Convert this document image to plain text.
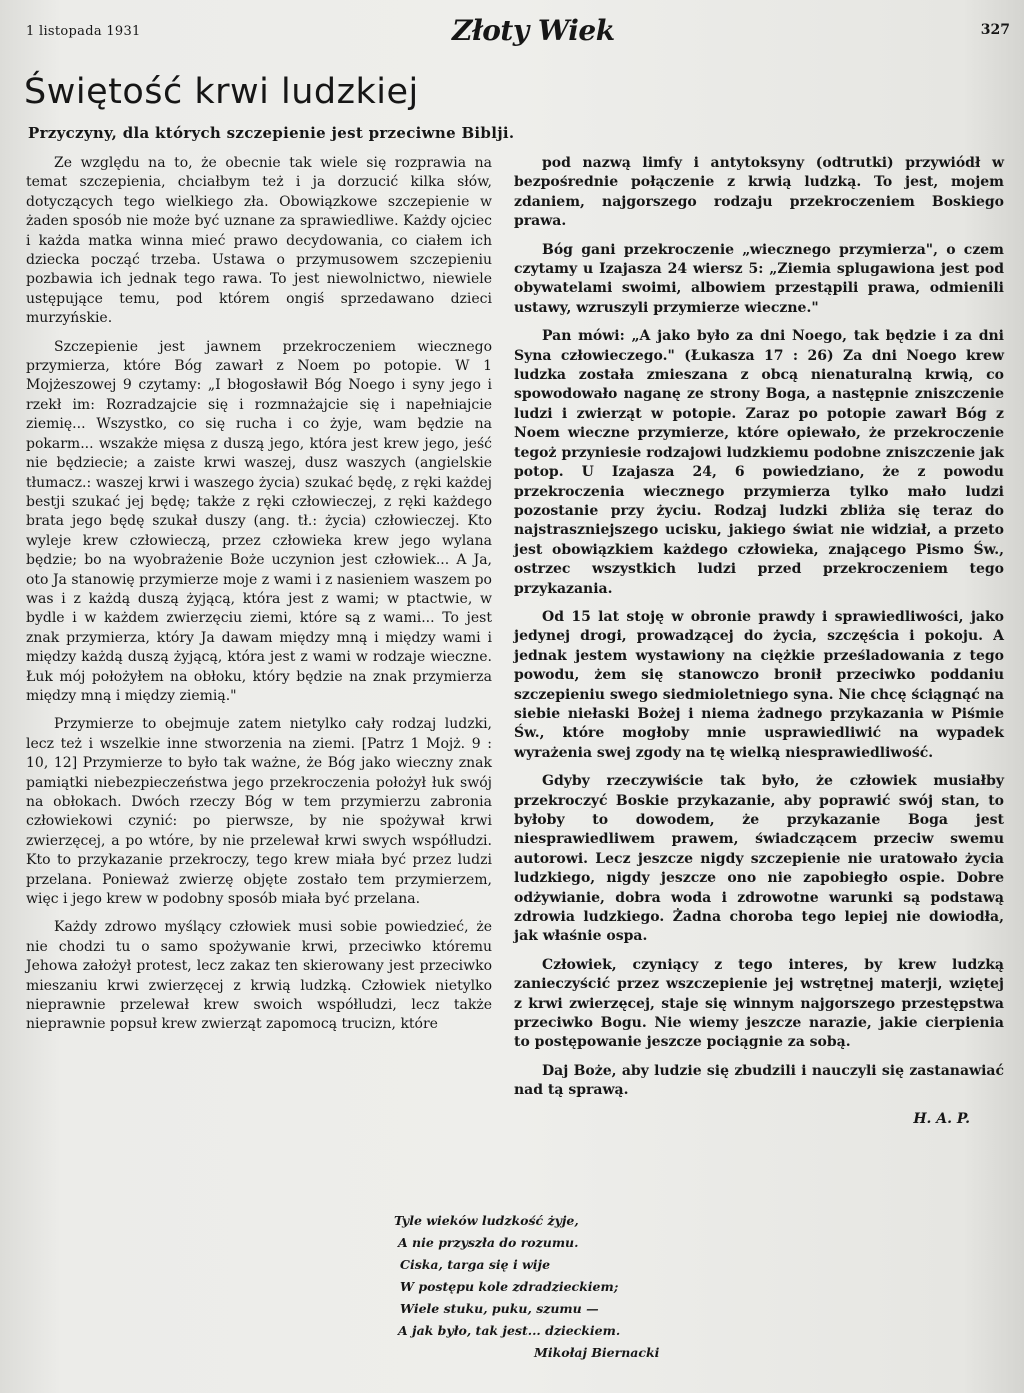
1 listopada 1931	Złoty Wiek	327
Świętość krwi ludzkiej
Przyczyny, dla których szczepienie jest przeciwne Biblji.

Ze względu na to, że obecnie tak wiele się rozprawia na temat szczepienia, chciałbym też i ja dorzucić kilka słów, dotyczących tego wielkiego zła. Obowiązkowe szczepienie w żaden sposób nie może być uznane za sprawiedliwe. Każdy ojciec i każda matka winna mieć prawo decydowania, co ciałem ich dziecka począć trzeba. Ustawa o przymusowem szczepieniu pozbawia ich jednak tego rawa. To jest niewolnictwo, niewiele ustępujące temu, pod którem ongiś sprzedawano dzieci murzyńskie.

Szczepienie jest jawnem przekroczeniem wiecznego przymierza, które Bóg zawarł z Noem po potopie. W 1 Mojżeszowej 9 czytamy: „I błogosławił Bóg Noego i syny jego i rzekł im: Rozradzajcie się i rozmnażajcie się i napełniajcie ziemię... Wszystko, co się rucha i co żyje, wam będzie na pokarm... wszakże mięsa z duszą jego, która jest krew jego, jeść nie będziecie; a zaiste krwi waszej, dusz waszych (angielskie tłumacz.: waszej krwi i waszego życia) szukać będę, z ręki każdej bestji szukać jej będę; także z ręki człowieczej, z ręki każdego brata jego będę szukał duszy (ang. tł.: życia) człowieczej. Kto wyleje krew człowieczą, przez człowieka krew jego wylana będzie; bo na wyobrażenie Boże uczynion jest człowiek... A Ja, oto Ja stanowię przymierze moje z wami i z nasieniem waszem po was i z każdą duszą żyjącą, która jest z wami; w ptactwie, w bydle i w każdem zwierzęciu ziemi, które są z wami... To jest znak przymierza, który Ja dawam między mną i między wami i między każdą duszą żyjącą, która jest z wami w rodzaje wieczne. Łuk mój położyłem na obłoku, który będzie na znak przymierza między mną i między ziemią."

Przymierze to obejmuje zatem nietylko cały rodzaj ludzki, lecz też i wszelkie inne stworzenia na ziemi. [Patrz 1 Mojż. 9 : 10, 12] Przymierze to było tak ważne, że Bóg jako wieczny znak pamiątki niebezpieczeństwa jego przekroczenia położył łuk swój na obłokach. Dwóch rzeczy Bóg w tem przymierzu zabronia człowiekowi czynić: po pierwsze, by nie spożywał krwi zwierzęcej, a po wtóre, by nie przelewał krwi swych współludzi. Kto to przykazanie przekroczy, tego krew miała być przez ludzi przelana. Ponieważ zwierzę objęte zostało tem przymierzem, więc i jego krew w podobny sposób miała być przelana.

Każdy zdrowo myślący człowiek musi sobie powiedzieć, że nie chodzi tu o samo spożywanie krwi, przeciwko któremu Jehowa założył protest, lecz zakaz ten skierowany jest przeciwko mieszaniu krwi zwierzęcej z krwią ludzką. Człowiek nietylko nieprawnie przelewał krew swoich współludzi, lecz także nieprawnie popsuł krew zwierząt zapomocą trucizn, które

pod nazwą limfy i antytoksyny (odtrutki) przywiódł w bezpośrednie połączenie z krwią ludzką. To jest, mojem zdaniem, najgorszego rodzaju przekroczeniem Boskiego prawa.

Bóg gani przekroczenie „wiecznego przymierza", o czem czytamy u Izajasza 24 wiersz 5: „Ziemia splugawiona jest pod obywatelami swoimi, albowiem przestąpili prawa, odmienili ustawy, wzruszyli przymierze wieczne."

Pan mówi: „A jako było za dni Noego, tak będzie i za dni Syna człowieczego." (Łukasza 17 : 26) Za dni Noego krew ludzka została zmieszana z obcą nienaturalną krwią, co spowodowało naganę ze strony Boga, a następnie zniszczenie ludzi i zwierząt w potopie. Zaraz po potopie zawarł Bóg z Noem wieczne przymierze, które opiewało, że przekroczenie tegoż przyniesie rodzajowi ludzkiemu podobne zniszczenie jak potop. U Izajasza 24, 6 powiedziano, że z powodu przekroczenia wiecznego przymierza tylko mało ludzi pozostanie przy życiu. Rodzaj ludzki zbliża się teraz do najstraszniejszego ucisku, jakiego świat nie widział, a przeto jest obowiązkiem każdego człowieka, znającego Pismo Św., ostrzec wszystkich ludzi przed przekroczeniem tego przykazania.

Od 15 lat stoję w obronie prawdy i sprawiedliwości, jako jedynej drogi, prowadzącej do życia, szczęścia i pokoju. A jednak jestem wystawiony na ciężkie prześladowania z tego powodu, żem się stanowczo bronił przeciwko poddaniu szczepieniu swego siedmioletniego syna. Nie chcę ściągnąć na siebie niełaski Bożej i niema żadnego przykazania w Piśmie Św., które mogłoby mnie usprawiedliwić na wypadek wyrażenia swej zgody na tę wielką niesprawiedliwość.

Gdyby rzeczywiście tak było, że człowiek musiałby przekroczyć Boskie przykazanie, aby poprawić swój stan, to byłoby to dowodem, że przykazanie Boga jest niesprawiedliwem prawem, świadczącem przeciw swemu autorowi. Lecz jeszcze nigdy szczepienie nie uratowało życia ludzkiego, nigdy jeszcze ono nie zapobiegło ospie. Dobre odżywianie, dobra woda i zdrowotne warunki są podstawą zdrowia ludzkiego. Żadna choroba tego lepiej nie dowiodła, jak właśnie ospa.

Człowiek, czyniący z tego interes, by krew ludzką zanieczyścić przez wszczepienie jej wstrętnej materji, wziętej z krwi zwierzęcej, staje się winnym najgorszego przestępstwa przeciwko Bogu. Nie wiemy jeszcze narazie, jakie cierpienia to postępowanie jeszcze pociągnie za sobą.

Daj Boże, aby ludzie się zbudzili i nauczyli się zastanawiać nad tą sprawą.

H. A. P.
Tyle wieków ludzkość żyje,
A nie przyszła do rozumu.
Ciska, targa się i wije
W postępu kole zdradzieckiem;
Wiele stuku, puku, szumu —
A jak było, tak jest... dzieckiem.
Mikołaj Biernacki
